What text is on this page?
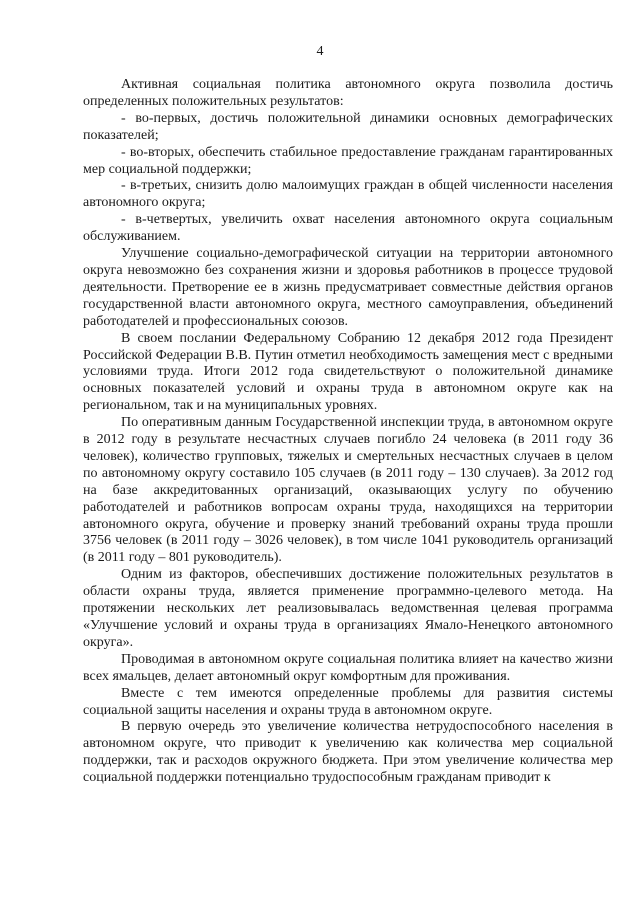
4

Активная социальная политика автономного округа позволила достичь определенных положительных результатов:

- во-первых, достичь положительной динамики основных демографических показателей;

- во-вторых, обеспечить стабильное предоставление гражданам гарантированных мер социальной поддержки;

- в-третьих, снизить долю малоимущих граждан в общей численности населения автономного округа;

- в-четвертых, увеличить охват населения автономного округа социальным обслуживанием.

Улучшение социально-демографической ситуации на территории автономного округа невозможно без сохранения жизни и здоровья работников в процессе трудовой деятельности. Претворение ее в жизнь предусматривает совместные действия органов государственной власти автономного округа, местного самоуправления, объединений работодателей и профессиональных союзов.

В своем послании Федеральному Собранию 12 декабря 2012 года Президент Российской Федерации В.В. Путин отметил необходимость замещения мест с вредными условиями труда. Итоги 2012 года свидетельствуют о положительной динамике основных показателей условий и охраны труда в автономном округе как на региональном, так и на муниципальных уровнях.

По оперативным данным Государственной инспекции труда, в автономном округе в 2012 году в результате несчастных случаев погибло 24 человека (в 2011 году 36 человек), количество групповых, тяжелых и смертельных несчастных случаев в целом по автономному округу составило 105 случаев (в 2011 году – 130 случаев). За 2012 год на базе аккредитованных организаций, оказывающих услугу по обучению работодателей и работников вопросам охраны труда, находящихся на территории автономного округа, обучение и проверку знаний требований охраны труда прошли 3756 человек (в 2011 году – 3026 человек), в том числе 1041 руководитель организаций (в 2011 году – 801 руководитель).

Одним из факторов, обеспечивших достижение положительных результатов в области охраны труда, является применение программно-целевого метода. На протяжении нескольких лет реализовывалась ведомственная целевая программа «Улучшение условий и охраны труда в организациях Ямало-Ненецкого автономного округа».

Проводимая в автономном округе социальная политика влияет на качество жизни всех ямальцев, делает автономный округ комфортным для проживания.

Вместе с тем имеются определенные проблемы для развития системы социальной защиты населения и охраны труда в автономном округе.

В первую очередь это увеличение количества нетрудоспособного населения в автономном округе, что приводит к увеличению как количества мер социальной поддержки, так и расходов окружного бюджета. При этом увеличение количества мер социальной поддержки потенциально трудоспособным гражданам приводит к
